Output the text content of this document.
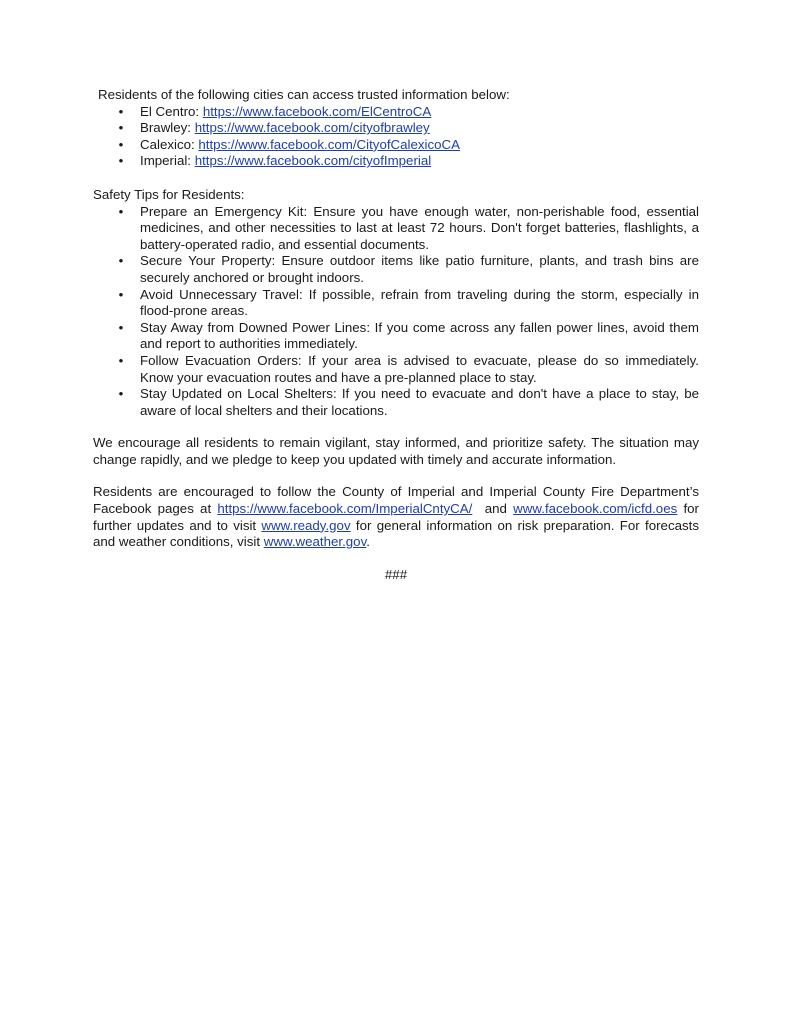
Residents of the following cities can access trusted information below:

• El Centro: https://www.facebook.com/ElCentroCA
• Brawley: https://www.facebook.com/cityofbrawley
• Calexico: https://www.facebook.com/CityofCalexicoCA
• Imperial: https://www.facebook.com/cityofImperial

Safety Tips for Residents:

• Prepare an Emergency Kit: Ensure you have enough water, non-perishable food, essential medicines, and other necessities to last at least 72 hours. Don't forget batteries, flashlights, a battery-operated radio, and essential documents.
• Secure Your Property: Ensure outdoor items like patio furniture, plants, and trash bins are securely anchored or brought indoors.
• Avoid Unnecessary Travel: If possible, refrain from traveling during the storm, especially in flood-prone areas.
• Stay Away from Downed Power Lines: If you come across any fallen power lines, avoid them and report to authorities immediately.
• Follow Evacuation Orders: If your area is advised to evacuate, please do so immediately. Know your evacuation routes and have a pre-planned place to stay.
• Stay Updated on Local Shelters: If you need to evacuate and don't have a place to stay, be aware of local shelters and their locations.

We encourage all residents to remain vigilant, stay informed, and prioritize safety. The situation may change rapidly, and we pledge to keep you updated with timely and accurate information.

Residents are encouraged to follow the County of Imperial and Imperial County Fire Department’s Facebook pages at https://www.facebook.com/ImperialCntyCA/  and www.facebook.com/icfd.oes for further updates and to visit www.ready.gov for general information on risk preparation. For forecasts and weather conditions, visit www.weather.gov.

###
